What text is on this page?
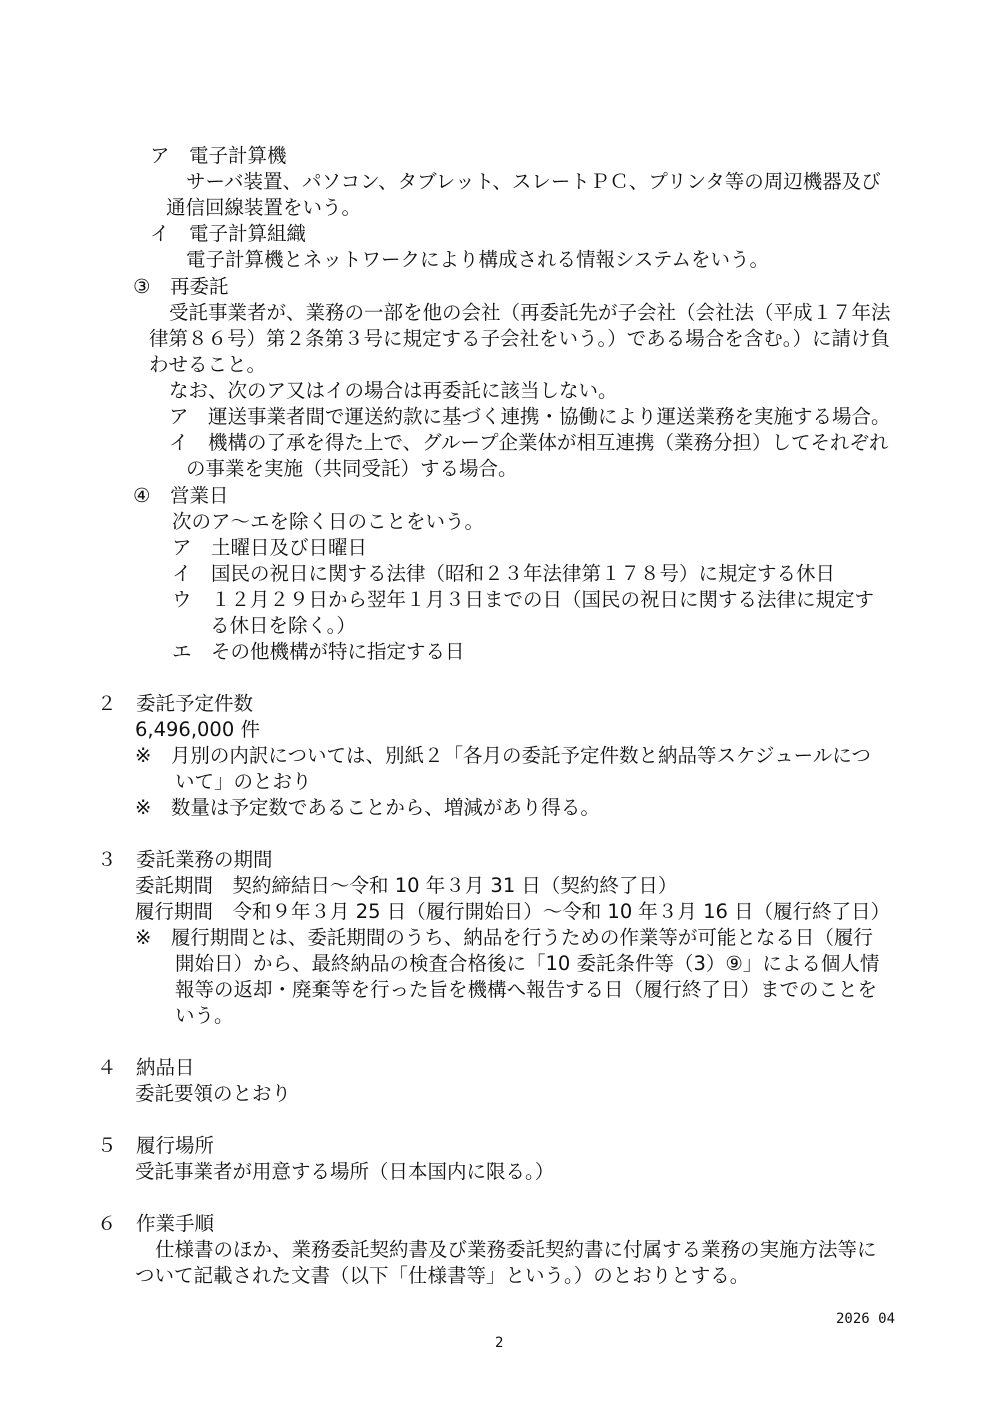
ア　電子計算機

サーバ装置、パソコン、タブレット、スレートＰＣ、プリンタ等の周辺機器及び

通信回線装置をいう。

イ　電子計算組織

電子計算機とネットワークにより構成される情報システムをいう。

③　再委託

受託事業者が、業務の一部を他の会社（再委託先が子会社（会社法（平成１７年法

律第８６号）第２条第３号に規定する子会社をいう。）である場合を含む。）に請け負

わせること。

なお、次のア又はイの場合は再委託に該当しない。

ア　運送事業者間で運送約款に基づく連携・協働により運送業務を実施する場合。

イ　機構の了承を得た上で、グループ企業体が相互連携（業務分担）してそれぞれ

の事業を実施（共同受託）する場合。

④　営業日

次のア～エを除く日のことをいう。

ア　土曜日及び日曜日

イ　国民の祝日に関する法律（昭和２３年法律第１７８号）に規定する休日

ウ　１２月２９日から翌年１月３日までの日（国民の祝日に関する法律に規定す

る休日を除く。）

エ　その他機構が特に指定する日

２　委託予定件数

6,496,000 件

※　月別の内訳については、別紙２「各月の委託予定件数と納品等スケジュールにつ

いて」のとおり

※　数量は予定数であることから、増減があり得る。

３　委託業務の期間

委託期間　契約締結日～令和 10 年３月 31 日（契約終了日）

履行期間　令和９年３月 25 日（履行開始日）～令和 10 年３月 16 日（履行終了日）

※　履行期間とは、委託期間のうち、納品を行うための作業等が可能となる日（履行

開始日）から、最終納品の検査合格後に「10 委託条件等（3）⑨」による個人情

報等の返却・廃棄等を行った旨を機構へ報告する日（履行終了日）までのことを

いう。

４　納品日

委託要領のとおり

５　履行場所

受託事業者が用意する場所（日本国内に限る。）

６　作業手順

仕様書のほか、業務委託契約書及び業務委託契約書に付属する業務の実施方法等に

ついて記載された文書（以下「仕様書等」という。）のとおりとする。

2026 04
2
